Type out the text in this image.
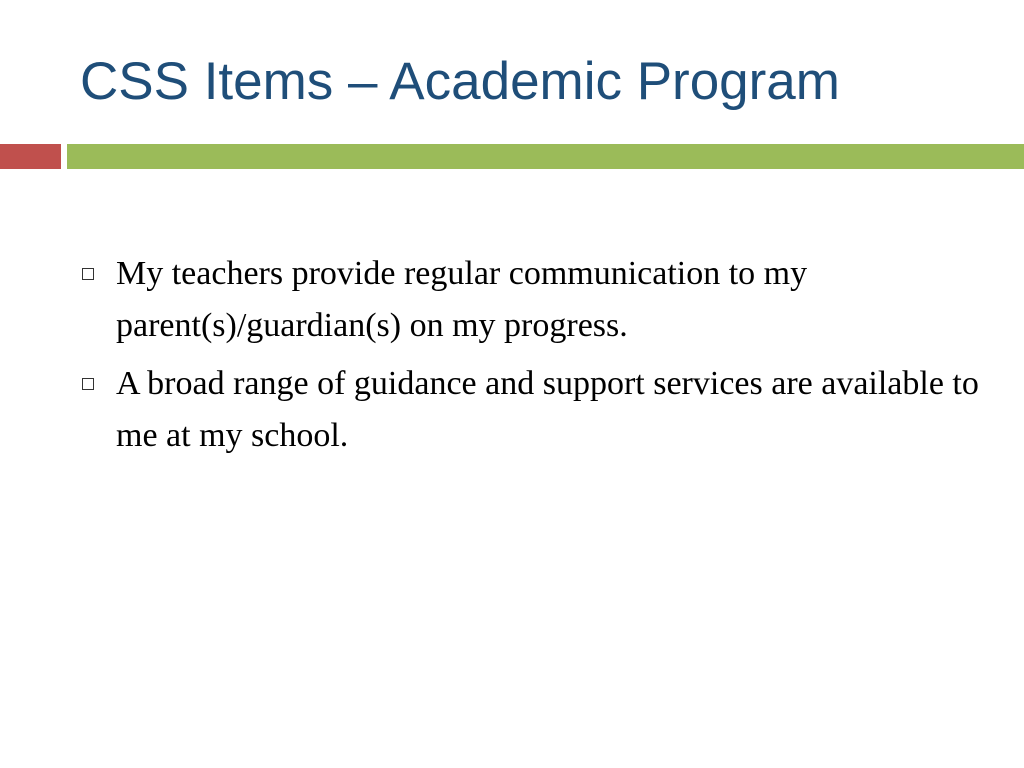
CSS Items – Academic Program
My teachers provide regular communication to my parent(s)/guardian(s) on my progress.
A broad range of guidance and support services are available to me at my school.
